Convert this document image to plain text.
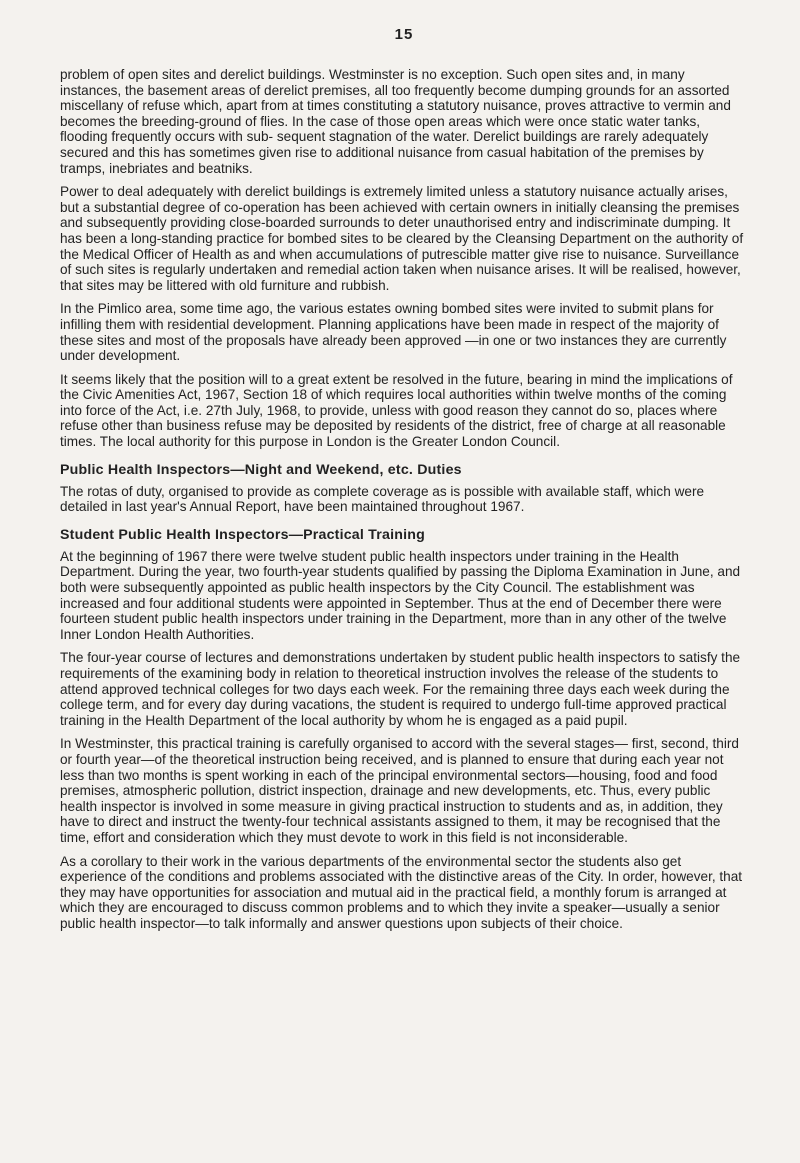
15

problem of open sites and derelict buildings. Westminster is no exception. Such open sites and, in many instances, the basement areas of derelict premises, all too frequently become dumping grounds for an assorted miscellany of refuse which, apart from at times constituting a statutory nuisance, proves attractive to vermin and becomes the breeding-ground of flies. In the case of those open areas which were once static water tanks, flooding frequently occurs with sub- sequent stagnation of the water. Derelict buildings are rarely adequately secured and this has sometimes given rise to additional nuisance from casual habitation of the premises by tramps, inebriates and beatniks.

Power to deal adequately with derelict buildings is extremely limited unless a statutory nuisance actually arises, but a substantial degree of co-operation has been achieved with certain owners in initially cleansing the premises and subsequently providing close-boarded surrounds to deter unauthorised entry and indiscriminate dumping. It has been a long-standing practice for bombed sites to be cleared by the Cleansing Department on the authority of the Medical Officer of Health as and when accumulations of putrescible matter give rise to nuisance. Surveillance of such sites is regularly undertaken and remedial action taken when nuisance arises. It will be realised, however, that sites may be littered with old furniture and rubbish.

In the Pimlico area, some time ago, the various estates owning bombed sites were invited to submit plans for infilling them with residential development. Planning applications have been made in respect of the majority of these sites and most of the proposals have already been approved —in one or two instances they are currently under development.

It seems likely that the position will to a great extent be resolved in the future, bearing in mind the implications of the Civic Amenities Act, 1967, Section 18 of which requires local authorities within twelve months of the coming into force of the Act, i.e. 27th July, 1968, to provide, unless with good reason they cannot do so, places where refuse other than business refuse may be deposited by residents of the district, free of charge at all reasonable times. The local authority for this purpose in London is the Greater London Council.

Public Health Inspectors—Night and Weekend, etc. Duties

The rotas of duty, organised to provide as complete coverage as is possible with available staff, which were detailed in last year's Annual Report, have been maintained throughout 1967.

Student Public Health Inspectors—Practical Training

At the beginning of 1967 there were twelve student public health inspectors under training in the Health Department. During the year, two fourth-year students qualified by passing the Diploma Examination in June, and both were subsequently appointed as public health inspectors by the City Council. The establishment was increased and four additional students were appointed in September. Thus at the end of December there were fourteen student public health inspectors under training in the Department, more than in any other of the twelve Inner London Health Authorities.

The four-year course of lectures and demonstrations undertaken by student public health inspectors to satisfy the requirements of the examining body in relation to theoretical instruction involves the release of the students to attend approved technical colleges for two days each week. For the remaining three days each week during the college term, and for every day during vacations, the student is required to undergo full-time approved practical training in the Health Department of the local authority by whom he is engaged as a paid pupil.

In Westminster, this practical training is carefully organised to accord with the several stages— first, second, third or fourth year—of the theoretical instruction being received, and is planned to ensure that during each year not less than two months is spent working in each of the principal environmental sectors—housing, food and food premises, atmospheric pollution, district inspection, drainage and new developments, etc. Thus, every public health inspector is involved in some measure in giving practical instruction to students and as, in addition, they have to direct and instruct the twenty-four technical assistants assigned to them, it may be recognised that the time, effort and consideration which they must devote to work in this field is not inconsiderable.

As a corollary to their work in the various departments of the environmental sector the students also get experience of the conditions and problems associated with the distinctive areas of the City. In order, however, that they may have opportunities for association and mutual aid in the practical field, a monthly forum is arranged at which they are encouraged to discuss common problems and to which they invite a speaker—usually a senior public health inspector—to talk informally and answer questions upon subjects of their choice.
